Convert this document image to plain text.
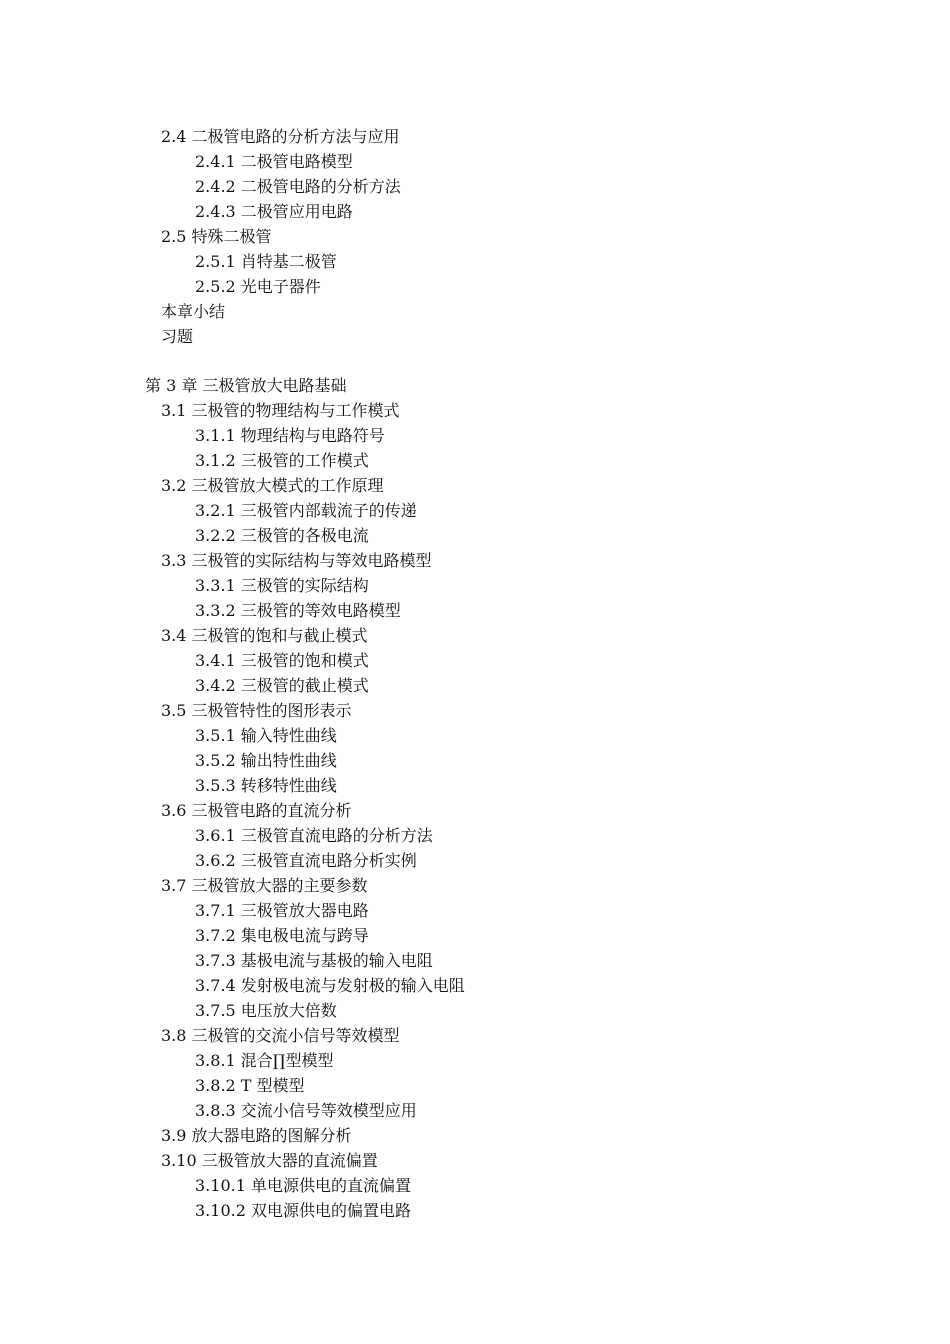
2.4 二极管电路的分析方法与应用
2.4.1 二极管电路模型
2.4.2 二极管电路的分析方法
2.4.3 二极管应用电路
2.5 特殊二极管
2.5.1 肖特基二极管
2.5.2 光电子器件
本章小结
习题
第 3 章 三极管放大电路基础
3.1 三极管的物理结构与工作模式
3.1.1 物理结构与电路符号
3.1.2 三极管的工作模式
3.2 三极管放大模式的工作原理
3.2.1 三极管内部载流子的传递
3.2.2 三极管的各极电流
3.3 三极管的实际结构与等效电路模型
3.3.1 三极管的实际结构
3.3.2 三极管的等效电路模型
3.4 三极管的饱和与截止模式
3.4.1 三极管的饱和模式
3.4.2 三极管的截止模式
3.5 三极管特性的图形表示
3.5.1 输入特性曲线
3.5.2 输出特性曲线
3.5.3 转移特性曲线
3.6 三极管电路的直流分析
3.6.1 三极管直流电路的分析方法
3.6.2 三极管直流电路分析实例
3.7 三极管放大器的主要参数
3.7.1 三极管放大器电路
3.7.2 集电极电流与跨导
3.7.3 基极电流与基极的输入电阻
3.7.4 发射极电流与发射极的输入电阻
3.7.5 电压放大倍数
3.8 三极管的交流小信号等效模型
3.8.1 混合∏型模型
3.8.2 T 型模型
3.8.3 交流小信号等效模型应用
3.9 放大器电路的图解分析
3.10 三极管放大器的直流偏置
3.10.1 单电源供电的直流偏置
3.10.2 双电源供电的偏置电路
